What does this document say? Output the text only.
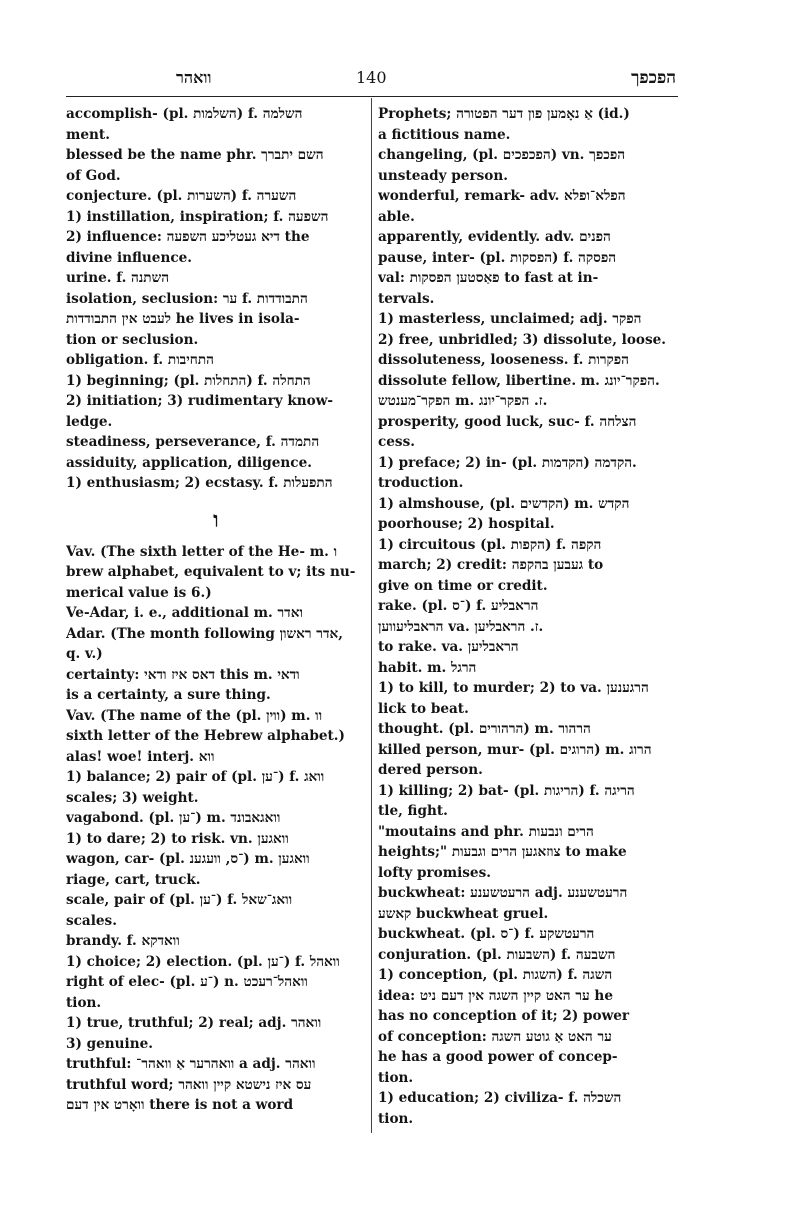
וואהר	140	הפכפך
accomplish- (pl. השלמות) f. השלמה
ment.
blessed be the name phr. השם יתברך
of God.
conjecture. (pl. השערות) f. השערה
1) instillation, inspiration; f. השפעה
2) influence: דיא געטליכע השפעה the
divine influence.
urine. f. השתנה
isolation, seclusion: ער f. התבודדות
לעבט אין התבודדות he lives in isola-
tion or seclusion.
obligation. f. התחיבות
1) beginning; (pl. התחלות) f. התחלה
2) initiation; 3) rudimentary know-
ledge.
steadiness, perseverance, f. התמדה
assiduity, application, diligence.
1) enthusiasm; 2) ecstasy. f. התפעלות
ו
Vav. (The sixth letter of the He- m. ו
brew alphabet, equivalent to v; its nu-
merical value is 6.)
Ve-Adar, i. e., additional m. ואדר
Adar. (The month following אדר ראשון,
q. v.)
certainty: דאס איז ודאי this m. ודאי
is a certainty, a sure thing.
Vav. (The name of the (pl. ווין) m. וו
sixth letter of the Hebrew alphabet.)
alas! woe! interj. ווא
1) balance; 2) pair of (pl. ־ען) f. וואג
scales; 3) weight.
vagabond. (pl. ־ען) m. וואגאבונד
1) to dare; 2) to risk. vn. וואגען
wagon, car- (pl. ־ס, וועגענ) m. וואגען
riage, cart, truck.
scale, pair of (pl. ־ען) f. וואג־שאל
scales.
brandy. f. וואדקא
1) choice; 2) election. (pl. ־ען) f. וואהל
right of elec- (pl. ־ע) n. וואהל־רעכט
tion.
1) true, truthful; 2) real; adj. וואהר
3) genuine.
truthful: וואהרער אַ וואהר־ a adj. וואהר
truthful word; עס איז נישטא קיין וואהר
וואָרט אין דעם there is not a word
Prophets; אַ נאָמען פון דער הפטורה (id.)
a fictitious name.
changeling, (pl. הפכפכים) vn. הפכפך
unsteady person.
wonderful, remark- adv. הפלא־ופלא
able.
apparently, evidently. adv. הפנים
pause, inter- (pl. הפסקות) f. הפסקה
val: פאַסטען הפסקות to fast at in-
tervals.
1) masterless, unclaimed; adj. הפקר
2) free, unbridled; 3) dissolute, loose.
dissoluteness, looseness. f. הפקרות
dissolute fellow, libertine. m. הפקר־יונג.
הפקר־מענטש m. ז. הפקר־יונג.
prosperity, good luck, suc- f. הצלחה
cess.
1) preface; 2) in- (pl. הקדמות) הקדמה.
troduction.
1) almshouse, (pl. הקדשים) m. הקדש
poorhouse; 2) hospital.
1) circuitous (pl. הקפות) f. הקפה
march; 2) credit: געבען בהקפה to
give on time or credit.
rake. (pl. ־ס) f. הראבליע
הראבליעווען va. ז. הראבליען.
to rake. va. הראבליען
habit. m. הרגל
1) to kill, to murder; 2) to va. הרגענען
lick to beat.
thought. (pl. הרהורים) m. הרהור
killed person, mur- (pl. הרוגים) m. הרוג
dered person.
1) killing; 2) bat- (pl. הריגות) f. הריגה
tle, fight.
"moutains and phr. הרים ונבעות
heights;" צוזאגען הרים וגבעות to make
lofty promises.
buckwheat: הרעטשענע adj. הרעטשענע
קאשע buckwheat gruel.
buckwheat. (pl. ־ס) f. הרעטשקע
conjuration. (pl. השבעות) f. השבעה
1) conception, (pl. השגות) f. השגה
idea: ער האט קיין השגה אין דעם ניט he
has no conception of it; 2) power
of conception: ער האט אַ גוטע השגה
he has a good power of concep-
tion.
1) education; 2) civiliza- f. השכלה
tion.
